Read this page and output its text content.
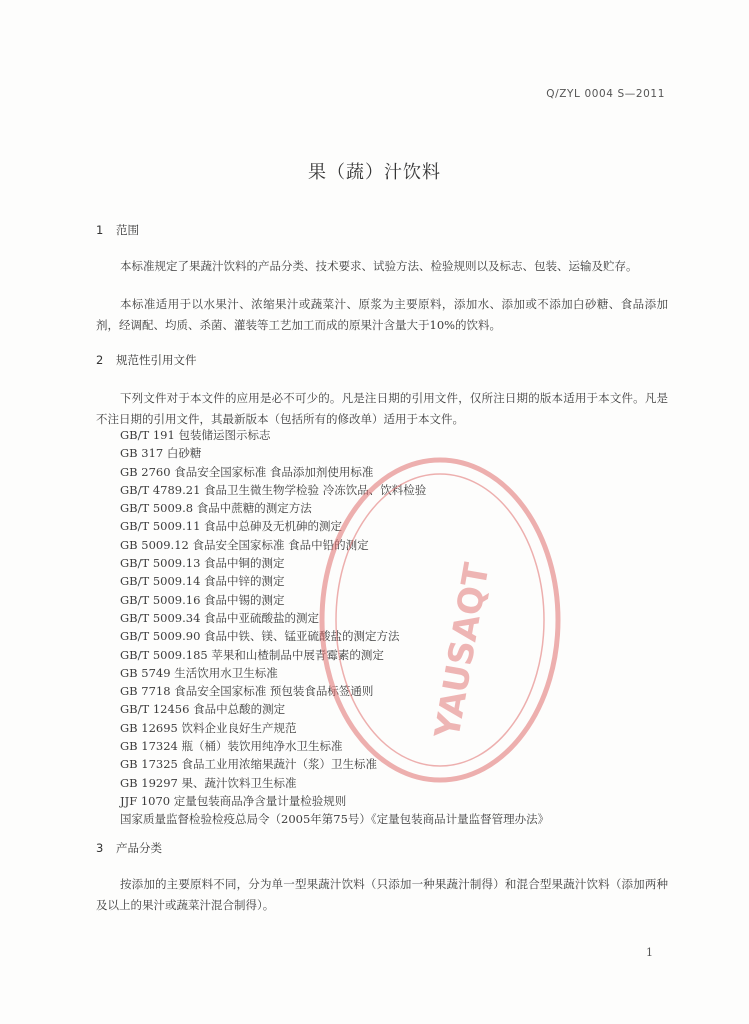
Q/ZYL 0004 S—2011
果（蔬）汁饮料
1 范围

本标准规定了果蔬汁饮料的产品分类、技术要求、试验方法、检验规则以及标志、包装、运输及贮存。

本标准适用于以水果汁、浓缩果汁或蔬菜汁、原浆为主要原料，添加水、添加或不添加白砂糖、食品添加剂，经调配、均质、杀菌、灌装等工艺加工而成的原果汁含量大于10%的饮料。

2 规范性引用文件

下列文件对于本文件的应用是必不可少的。凡是注日期的引用文件，仅所注日期的版本适用于本文件。凡是不注日期的引用文件，其最新版本（包括所有的修改单）适用于本文件。

GB/T 191 包装储运图示标志
GB 317 白砂糖
GB 2760 食品安全国家标准 食品添加剂使用标准
GB/T 4789.21 食品卫生微生物学检验 冷冻饮品、饮料检验
GB/T 5009.8 食品中蔗糖的测定方法
GB/T 5009.11 食品中总砷及无机砷的测定
GB 5009.12 食品安全国家标准 食品中铅的测定
GB/T 5009.13 食品中铜的测定
GB/T 5009.14 食品中锌的测定
GB/T 5009.16 食品中锡的测定
GB/T 5009.34 食品中亚硫酸盐的测定
GB/T 5009.90 食品中铁、镁、锰亚硫酸盐的测定方法
GB/T 5009.185 苹果和山楂制品中展青霉素的测定
GB 5749 生活饮用水卫生标准
GB 7718 食品安全国家标准 预包装食品标签通则
GB/T 12456 食品中总酸的测定
GB 12695 饮料企业良好生产规范
GB 17324 瓶（桶）装饮用纯净水卫生标准
GB 17325 食品工业用浓缩果蔬汁（浆）卫生标准
GB 19297 果、蔬汁饮料卫生标准
JJF 1070 定量包装商品净含量计量检验规则
国家质量监督检验检疫总局令（2005年第75号）《定量包装商品计量监督管理办法》
3 产品分类

按添加的主要原料不同，分为单一型果蔬汁饮料（只添加一种果蔬汁制得）和混合型果蔬汁饮料（添加两种及以上的果汁或蔬菜汁混合制得）。

1
YAUSAQT
